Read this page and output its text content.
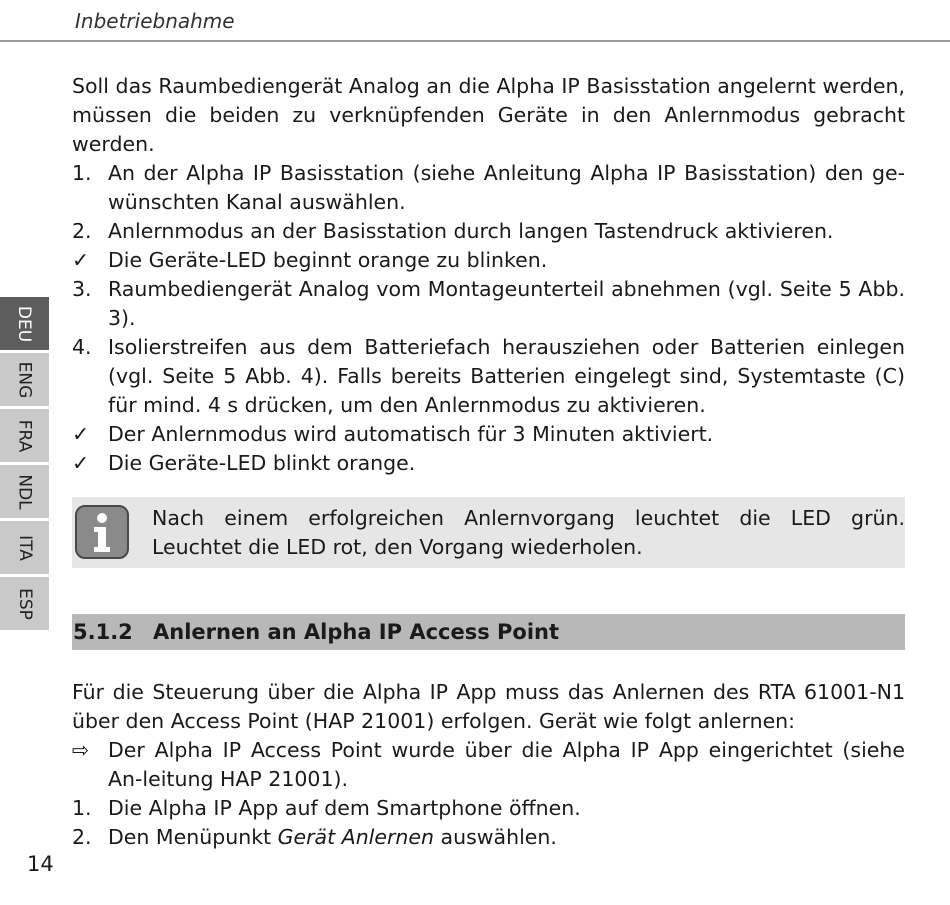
Inbetriebnahme
DEU
ENG
FRA
NDL
ITA
ESP

Soll das Raumbediengerät Analog an die Alpha IP Basisstation angelernt werden, müssen die beiden zu verknüpfenden Geräte in den Anlernmodus gebracht werden.

1. An der Alpha IP Basisstation (siehe Anleitung Alpha IP Basisstation) den ge-wünschten Kanal auswählen.
2. Anlernmodus an der Basisstation durch langen Tastendruck aktivieren.
✓ Die Geräte-LED beginnt orange zu blinken.
3. Raumbediengerät Analog vom Montageunterteil abnehmen (vgl. Seite 5 Abb. 3).
4. Isolierstreifen aus dem Batteriefach herausziehen oder Batterien einlegen (vgl. Seite 5 Abb. 4). Falls bereits Batterien eingelegt sind, Systemtaste (C) für mind. 4 s drücken, um den Anlernmodus zu aktivieren.
✓ Der Anlernmodus wird automatisch für 3 Minuten aktiviert.
✓ Die Geräte-LED blinkt orange.
Nach einem erfolgreichen Anlernvorgang leuchtet die LED grün. Leuchtet die LED rot, den Vorgang wiederholen.
5.1.2 Anlernen an Alpha IP Access Point

Für die Steuerung über die Alpha IP App muss das Anlernen des RTA 61001-N1 über den Access Point (HAP 21001) erfolgen. Gerät wie folgt anlernen:

⇨ Der Alpha IP Access Point wurde über die Alpha IP App eingerichtet (siehe An-leitung HAP 21001).
1. Die Alpha IP App auf dem Smartphone öffnen.
2. Den Menüpunkt Gerät Anlernen auswählen.
14
